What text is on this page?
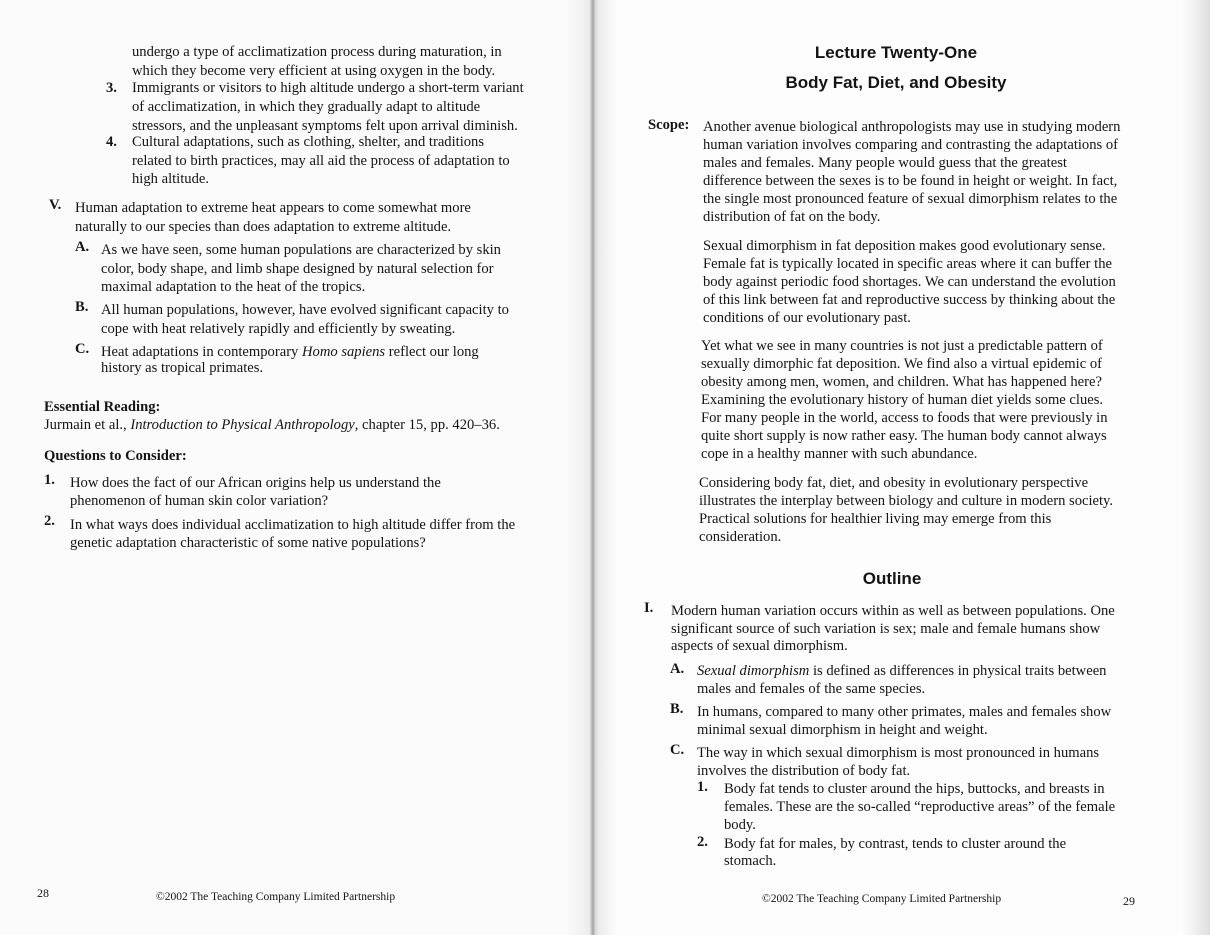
undergo a type of acclimatization process during maturation, in
which they become very efficient at using oxygen in the body.
3. Immigrants or visitors to high altitude undergo a short-term variant
of acclimatization, in which they gradually adapt to altitude
stressors, and the unpleasant symptoms felt upon arrival diminish.
4. Cultural adaptations, such as clothing, shelter, and traditions
related to birth practices, may all aid the process of adaptation to
high altitude.
V. Human adaptation to extreme heat appears to come somewhat more
naturally to our species than does adaptation to extreme altitude.
A. As we have seen, some human populations are characterized by skin
color, body shape, and limb shape designed by natural selection for
maximal adaptation to the heat of the tropics.
B. All human populations, however, have evolved significant capacity to
cope with heat relatively rapidly and efficiently by sweating.
C. Heat adaptations in contemporary Homo sapiens reflect our long
history as tropical primates.
Essential Reading:
Jurmain et al., Introduction to Physical Anthropology, chapter 15, pp. 420–36.
Questions to Consider:
1. How does the fact of our African origins help us understand the
phenomenon of human skin color variation?
2. In what ways does individual acclimatization to high altitude differ from the
genetic adaptation characteristic of some native populations?
28	©2002 The Teaching Company Limited Partnership
Lecture Twenty-One
Body Fat, Diet, and Obesity
Scope: Another avenue biological anthropologists may use in studying modern
human variation involves comparing and contrasting the adaptations of
males and females. Many people would guess that the greatest
difference between the sexes is to be found in height or weight. In fact,
the single most pronounced feature of sexual dimorphism relates to the
distribution of fat on the body.
Sexual dimorphism in fat deposition makes good evolutionary sense.
Female fat is typically located in specific areas where it can buffer the
body against periodic food shortages. We can understand the evolution
of this link between fat and reproductive success by thinking about the
conditions of our evolutionary past.
Yet what we see in many countries is not just a predictable pattern of
sexually dimorphic fat deposition. We find also a virtual epidemic of
obesity among men, women, and children. What has happened here?
Examining the evolutionary history of human diet yields some clues.
For many people in the world, access to foods that were previously in
quite short supply is now rather easy. The human body cannot always
cope in a healthy manner with such abundance.
Considering body fat, diet, and obesity in evolutionary perspective
illustrates the interplay between biology and culture in modern society.
Practical solutions for healthier living may emerge from this
consideration.
Outline
I. Modern human variation occurs within as well as between populations. One
significant source of such variation is sex; male and female humans show
aspects of sexual dimorphism.
A. Sexual dimorphism is defined as differences in physical traits between
males and females of the same species.
B. In humans, compared to many other primates, males and females show
minimal sexual dimorphism in height and weight.
C. The way in which sexual dimorphism is most pronounced in humans
involves the distribution of body fat.
1. Body fat tends to cluster around the hips, buttocks, and breasts in
females. These are the so-called “reproductive areas” of the female
body.
2. Body fat for males, by contrast, tends to cluster around the
stomach.
©2002 The Teaching Company Limited Partnership	29
